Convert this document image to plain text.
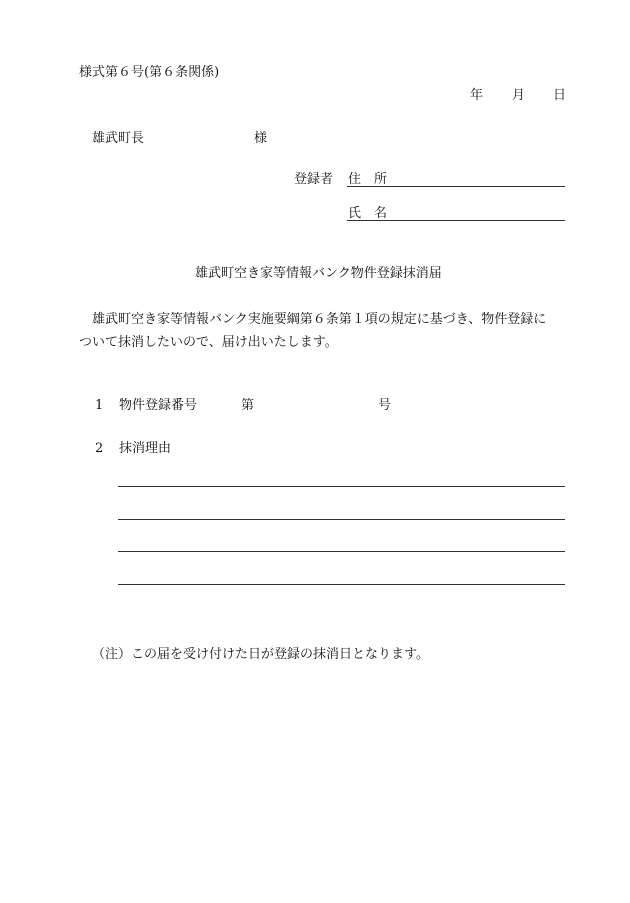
様式第６号(第６条関係)
年 月 日
雄武町長	様
登録者 住　所
氏　名
雄武町空き家等情報バンク物件登録抹消届
雄武町空き家等情報バンク実施要綱第６条第１項の規定に基づき、物件登録に
ついて抹消したいので、届け出いたします。
1 物件登録番号	第	号
2 抹消理由
（注）この届を受け付けた日が登録の抹消日となります。
